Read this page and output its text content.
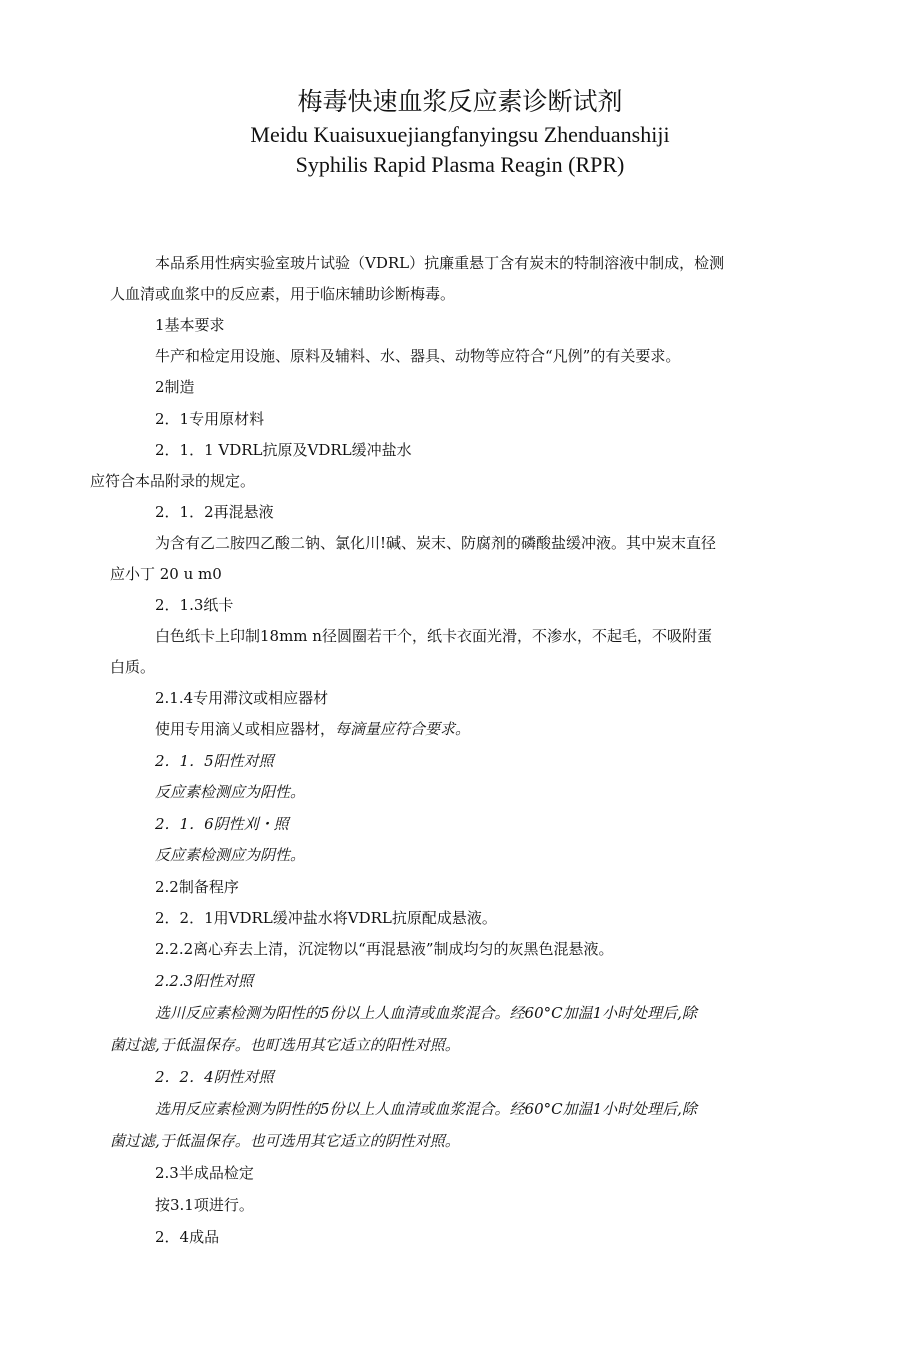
梅毒快速血浆反应素诊断试剂

Meidu Kuaisuxuejiangfanyingsu Zhenduanshiji

Syphilis Rapid Plasma Reagin (RPR)

本品系用性病实验室玻片试验（VDRL）抗廉重悬丁含有炭末的特制溶液中制成，检测

人血清或血浆中的反应素，用于临床辅助诊断梅毒。

1基本要求

牛产和检定用设施、原料及辅料、水、器具、动物等应符合“凡例”的有关要求。

2制造

2．1专用原材料

2．1．1 VDRL抗原及VDRL缓冲盐水

应符合本品附录的规定。

2．1．2再混悬液

为含有乙二胺四乙酸二钠、氯化川!碱、炭末、防腐剂的磷酸盐缓冲液。其中炭末直径

应小丁 20 u m0

2．1.3纸卡

白色纸卡上印制18mm n径圆圈若干个，纸卡衣面光滑，不渗水，不起毛，不吸附蛋

白质。

2.1.4专用滞汶或相应器材

使用专用滴乂或相应器材，每滴量应符合要求。

2．1．5阳性对照

反应素检测应为阳性。

2．1．6阴性刈・照

反应素检测应为阴性。

2.2制备程序

2．2．1用VDRL缓冲盐水将VDRL抗原配成悬液。

2.2.2离心弃去上清，沉淀物以“再混悬液”制成均匀的灰黑色混悬液。

2.2.3阳性对照

选川反应素检测为阳性的5份以上人血清或血浆混合。经60°C加温1小时处理后,除

菌过滤,于低温保存。也町选用其它适立的阳性对照。

2．2．4阴性对照

选用反应素检测为阴性的5份以上人血清或血浆混合。经60°C加温1小时处理后,除

菌过滤,于低温保存。也可选用其它适立的阴性对照。

2.3半成品检定

按3.1项进行。

2．4成品
